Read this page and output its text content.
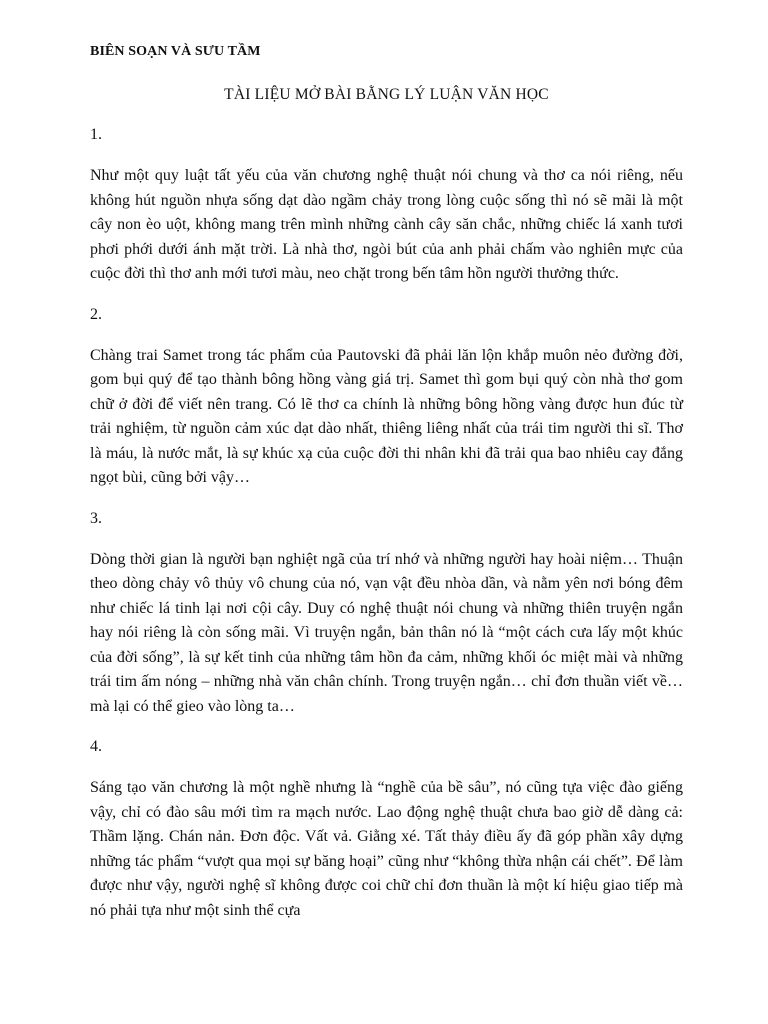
BIÊN SOẠN VÀ SƯU TẦM
TÀI LIỆU MỞ BÀI BẰNG LÝ LUẬN VĂN HỌC
1.
Như một quy luật tất yếu của văn chương nghệ thuật nói chung và thơ ca nói riêng, nếu không hút nguồn nhựa sống dạt dào ngầm chảy trong lòng cuộc sống thì nó sẽ mãi là một cây non èo uột, không mang trên mình những cành cây săn chắc, những chiếc lá xanh tươi phơi phới dưới ánh mặt trời. Là nhà thơ, ngòi bút của anh phải chấm vào nghiên mực của cuộc đời thì thơ anh mới tươi màu, neo chặt trong bến tâm hồn người thưởng thức.
2.
Chàng trai Samet trong tác phẩm của Pautovski đã phải lăn lộn khắp muôn nẻo đường đời, gom bụi quý để tạo thành bông hồng vàng giá trị. Samet thì gom bụi quý còn nhà thơ gom chữ ở đời để viết nên trang. Có lẽ thơ ca chính là những bông hồng vàng được hun đúc từ trải nghiệm, từ nguồn cảm xúc dạt dào nhất, thiêng liêng nhất của trái tim người thi sĩ. Thơ là máu, là nước mắt, là sự khúc xạ của cuộc đời thi nhân khi đã trải qua bao nhiêu cay đắng ngọt bùi, cũng bởi vậy…
3.
Dòng thời gian là người bạn nghiệt ngã của trí nhớ và những người hay hoài niệm… Thuận theo dòng chảy vô thủy vô chung của nó, vạn vật đều nhòa dần, và nằm yên nơi bóng đêm như chiếc lá tinh lại nơi cội cây. Duy có nghệ thuật nói chung và những thiên truyện ngắn hay nói riêng là còn sống mãi. Vì truyện ngắn, bản thân nó là “một cách cưa lấy một khúc của đời sống”, là sự kết tinh của những tâm hồn đa cảm, những khối óc miệt mài và những trái tim ấm nóng – những nhà văn chân chính. Trong truyện ngắn… chỉ đơn thuần viết về… mà lại có thể gieo vào lòng ta…
4.
Sáng tạo văn chương là một nghề nhưng là “nghề của bề sâu”, nó cũng tựa việc đào giếng vậy, chỉ có đào sâu mới tìm ra mạch nước. Lao động nghệ thuật chưa bao giờ dễ dàng cả: Thầm lặng. Chán nản. Đơn độc. Vất vả. Giằng xé. Tất thảy điều ấy đã góp phần xây dựng những tác phẩm “vượt qua mọi sự băng hoại” cũng như “không thừa nhận cái chết”. Để làm được như vậy, người nghệ sĩ không được coi chữ chỉ đơn thuần là một kí hiệu giao tiếp mà nó phải tựa như một sinh thể cựa
